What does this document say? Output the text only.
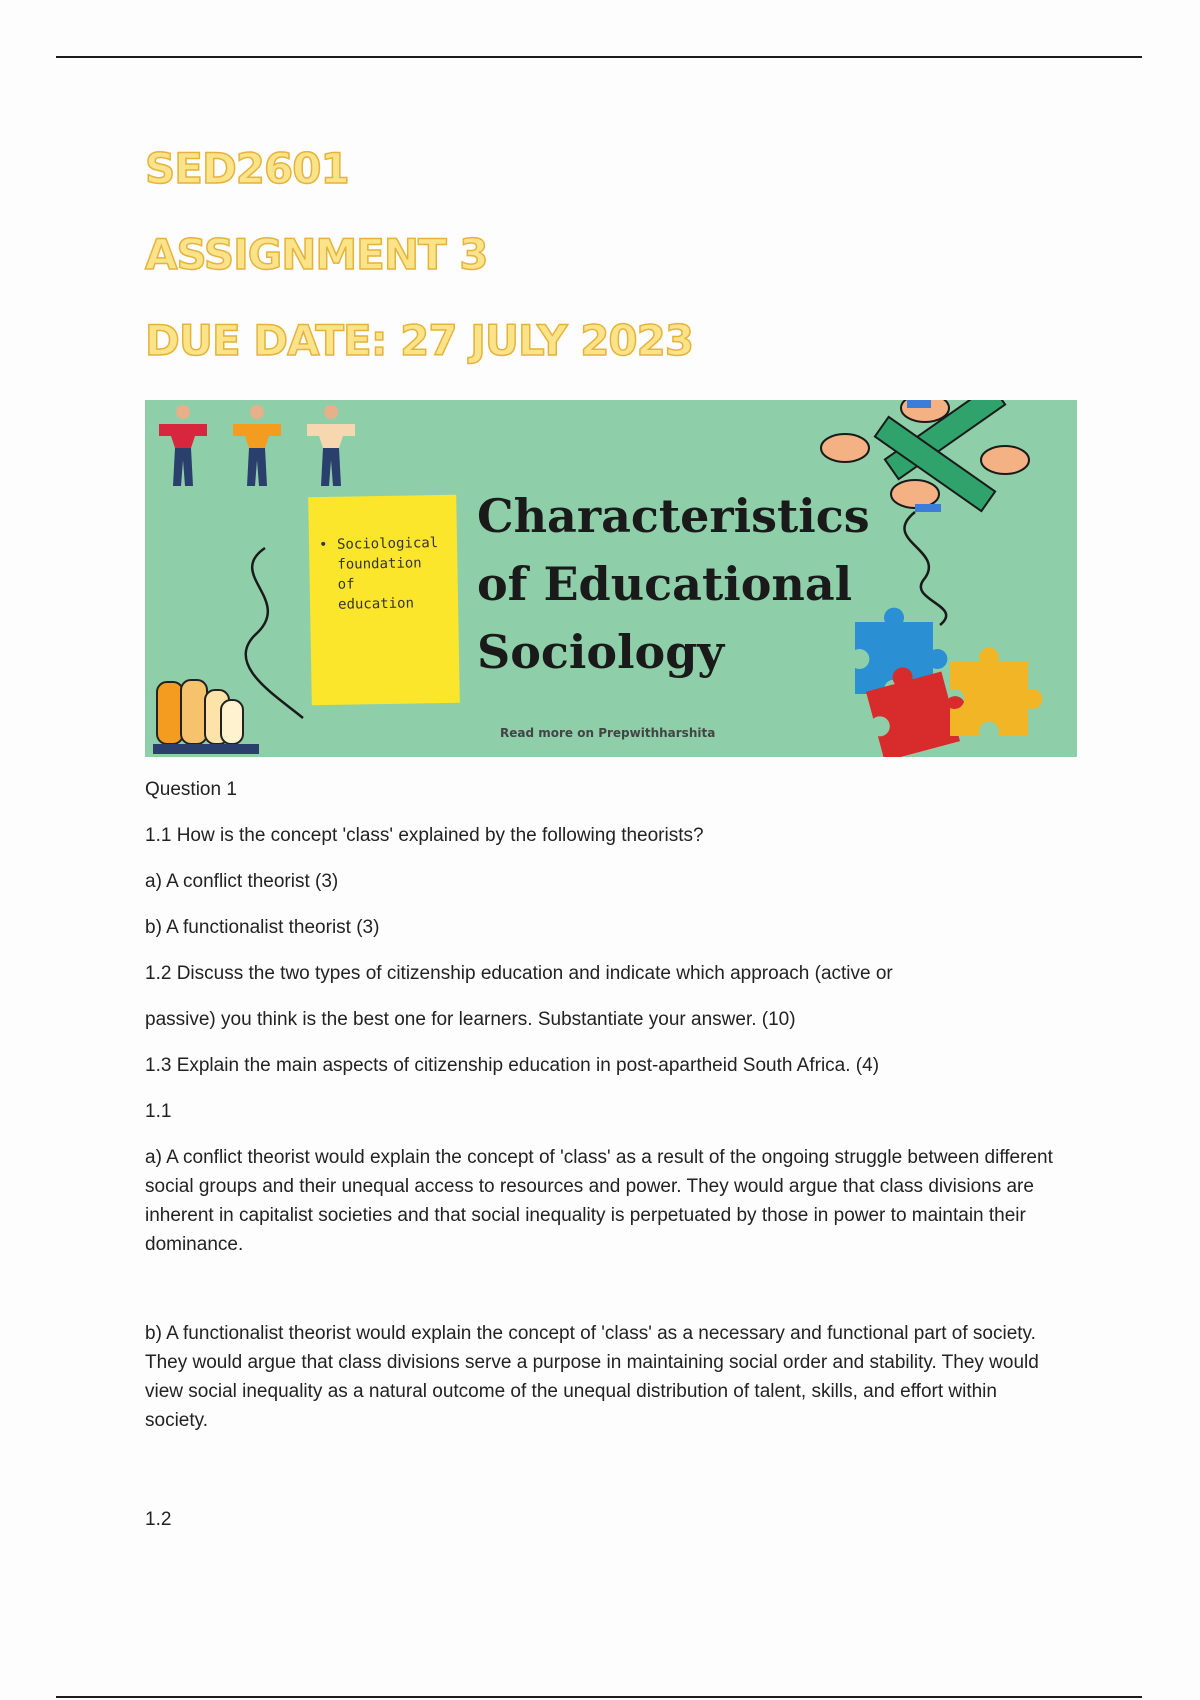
SED2601
ASSIGNMENT 3
DUE DATE: 27 JULY 2023
• Sociological
foundation
of
education
Characteristics
of Educational
Sociology
Read more on Prepwithharshita

Question 1

1.1 How is the concept 'class' explained by the following theorists?

a) A conflict theorist (3)

b) A functionalist theorist (3)

1.2 Discuss the two types of citizenship education and indicate which approach (active or

passive) you think is the best one for learners. Substantiate your answer. (10)

1.3 Explain the main aspects of citizenship education in post-apartheid South Africa. (4)

1.1

a) A conflict theorist would explain the concept of 'class' as a result of the ongoing struggle between different social groups and their unequal access to resources and power. They would argue that class divisions are inherent in capitalist societies and that social inequality is perpetuated by those in power to maintain their dominance.

b) A functionalist theorist would explain the concept of 'class' as a necessary and functional part of society. They would argue that class divisions serve a purpose in maintaining social order and stability. They would view social inequality as a natural outcome of the unequal distribution of talent, skills, and effort within society.

1.2
